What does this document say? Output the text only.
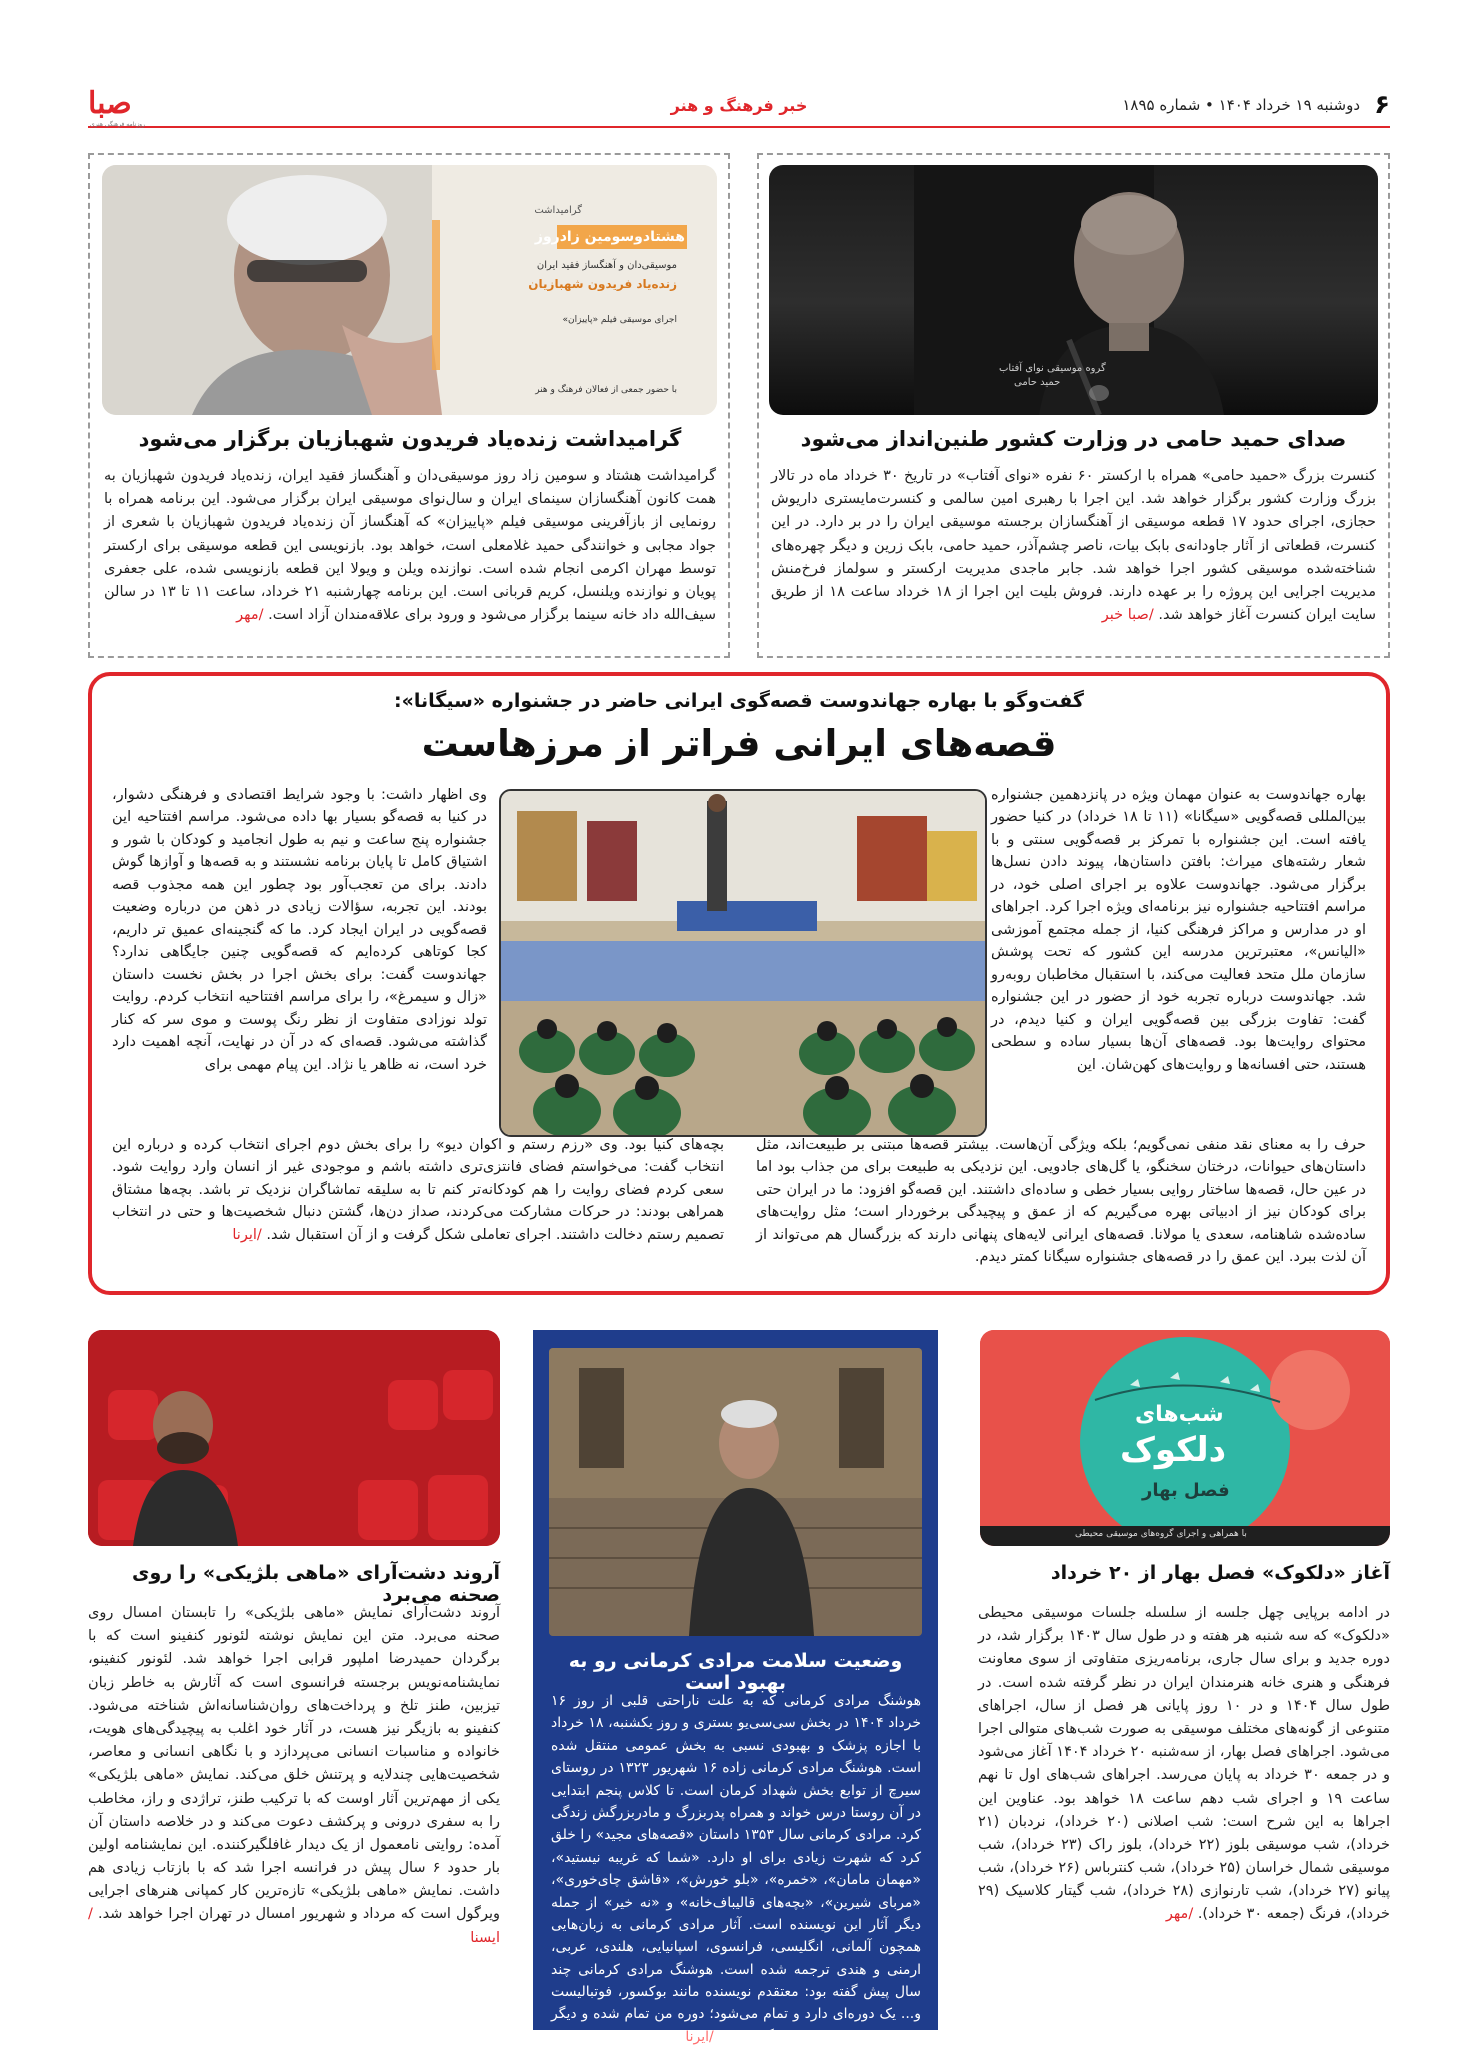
۶
دوشنبه ۱۹ خرداد ۱۴۰۴ • شماره ۱۸۹۵
خبر فرهنگ و هنر
صبا
روزنامه فرهنگی هنری
گروه موسیقی نوای آفتاب
حمید حامی
صدای حمید حامی در وزارت کشور طنین‌انداز می‌شود
کنسرت بزرگ «حمید حامی» همراه با ارکستر ۶۰ نفره «نوای آفتاب» در تاریخ ۳۰ خرداد ماه در تالار بزرگ وزارت کشور برگزار خواهد شد. این اجرا با رهبری امین سالمی و کنسرت‌مایستری داریوش حجازی، اجرای حدود ۱۷ قطعه موسیقی از آهنگسازان برجسته موسیقی ایران را در بر دارد. در این کنسرت، قطعاتی از آثار جاودانه‌ی بابک بیات، ناصر چشم‌آذر، حمید حامی، بابک زرین و دیگر چهره‌های شناخته‌شده موسیقی کشور اجرا خواهد شد. جابر ماجدی مدیریت ارکستر و سولماز فرخ‌منش مدیریت اجرایی این پروژه را بر عهده دارند. فروش بلیت این اجرا از ۱۸ خرداد ساعت ۱۸ از طریق سایت ایران کنسرت آغاز خواهد شد. /صبا خبر
گرامیداشت
هشتادوسومین زادروز
موسیقی‌دان و آهنگساز فقید ایران
زنده‌یاد فریدون شهبازیان
اجرای موسیقی فیلم «پاییزان»
با حضور جمعی از فعالان فرهنگ و هنر
گرامیداشت زنده‌یاد فریدون شهبازیان برگزار می‌شود
گرامیداشت هشتاد و سومین زاد روز موسیقی‌دان و آهنگساز فقید ایران، زنده‌یاد فریدون شهبازیان به همت کانون آهنگسازان سینمای ایران و سال‌نوای موسیقی ایران برگزار می‌شود. این برنامه همراه با رونمایی از بازآفرینی موسیقی فیلم «پاییزان» که آهنگساز آن زنده‌یاد فریدون شهبازیان با شعری از جواد مجابی و خوانندگی حمید غلامعلی است، خواهد بود. بازنویسی این قطعه موسیقی برای ارکستر توسط مهران اکرمی انجام شده است. نوازنده ویلن و ویولا این قطعه بازنویسی شده، علی جعفری پویان و نوازنده ویلنسل، کریم قربانی است. این برنامه چهارشنبه ۲۱ خرداد، ساعت ۱۱ تا ۱۳ در سالن سیف‌الله داد خانه سینما برگزار می‌شود و ورود برای علاقه‌مندان آزاد است. /مهر
گفت‌وگو با بهاره جهاندوست قصه‌گوی ایرانی حاضر در جشنواره «سیگانا»:
قصه‌های ایرانی فراتر از مرزهاست
بهاره جهاندوست به عنوان مهمان ویژه در پانزدهمین جشنواره بین‌المللی قصه‌گویی «سیگانا» (۱۱ تا ۱۸ خرداد) در کنیا حضور یافته است. این جشنواره با تمرکز بر قصه‌گویی سنتی و با شعار رشته‌های میراث: بافتن داستان‌ها، پیوند دادن نسل‌ها برگزار می‌شود. جهاندوست علاوه بر اجرای اصلی خود، در مراسم افتتاحیه جشنواره نیز برنامه‌ای ویژه اجرا کرد. اجراهای او در مدارس و مراکز فرهنگی کنیا، از جمله مجتمع آموزشی «الیانس»، معتبرترین مدرسه این کشور که تحت پوشش سازمان ملل متحد فعالیت می‌کند، با استقبال مخاطبان روبه‌رو شد. جهاندوست درباره تجربه خود از حضور در این جشنواره گفت: تفاوت بزرگی بین قصه‌گویی ایران و کنیا دیدم، در محتوای روایت‌ها بود. قصه‌های آن‌ها بسیار ساده و سطحی هستند، حتی افسانه‌ها و روایت‌های کهن‌شان. این
وی اظهار داشت: با وجود شرایط اقتصادی و فرهنگی دشوار، در کنیا به قصه‌گو بسیار بها داده می‌شود. مراسم افتتاحیه این جشنواره پنج ساعت و نیم به طول انجامید و کودکان با شور و اشتیاق کامل تا پایان برنامه نشستند و به قصه‌ها و آوازها گوش دادند. برای من تعجب‌آور بود چطور این همه مجذوب قصه بودند. این تجربه، سؤالات زیادی در ذهن من درباره وضعیت قصه‌گویی در ایران ایجاد کرد. ما که گنجینه‌ای عمیق تر داریم، کجا کوتاهی کرده‌ایم که قصه‌گویی چنین جایگاهی ندارد؟ جهاندوست گفت: برای بخش اجرا در بخش نخست داستان «زال و سیمرغ»، را برای مراسم افتتاحیه انتخاب کردم. روایت تولد نوزادی متفاوت از نظر رنگ پوست و موی سر که کنار گذاشته می‌شود. قصه‌ای که در آن در نهایت، آنچه اهمیت دارد خرد است، نه ظاهر یا نژاد. این پیام مهمی برای
حرف را به معنای نقد منفی نمی‌گویم؛ بلکه ویژگی آن‌هاست. بیشتر قصه‌ها مبتنی بر طبیعت‌اند، مثل داستان‌های حیوانات، درختان سخنگو، یا گل‌های جادویی. این نزدیکی به طبیعت برای من جذاب بود اما در عین حال، قصه‌ها ساختار روایی بسیار خطی و ساده‌ای داشتند. این قصه‌گو افزود: ما در ایران حتی برای کودکان نیز از ادبیاتی بهره می‌گیریم که از عمق و پیچیدگی برخوردار است؛ مثل روایت‌های ساده‌شده شاهنامه، سعدی یا مولانا. قصه‌های ایرانی لایه‌های پنهانی دارند که بزرگسال هم می‌تواند از آن لذت ببرد. این عمق را در قصه‌های جشنواره سیگانا کمتر دیدم.
بچه‌های کنیا بود. وی «رزم رستم و اکوان دیو» را برای بخش دوم اجرای انتخاب کرده و درباره این انتخاب گفت: می‌خواستم فضای فانتزی‌تری داشته باشم و موجودی غیر از انسان وارد روایت شود. سعی کردم فضای روایت را هم کودکانه‌تر کنم تا به سلیقه تماشاگران نزدیک تر باشد. بچه‌ها مشتاق همراهی بودند: در حرکات مشارکت می‌کردند، صداز دن‌ها، گشتن دنبال شخصیت‌ها و حتی در انتخاب تصمیم رستم دخالت داشتند. اجرای تعاملی شکل گرفت و از آن استقبال شد. /ایرنا
شب‌های
دلکوک
فصل بهار
با همراهی و اجرای گروه‌های موسیقی محیطی
آغاز «دلکوک» فصل بهار از ۲۰ خرداد
در ادامه برپایی چهل جلسه از سلسله جلسات موسیقی محیطی «دلکوک» که سه شنبه هر هفته و در طول سال ۱۴۰۳ برگزار شد، در دوره جدید و برای سال جاری، برنامه‌ریزی متفاوتی از سوی معاونت فرهنگی و هنری خانه هنرمندان ایران در نظر گرفته شده است. در طول سال ۱۴۰۴ و در ۱۰ روز پایانی هر فصل از سال، اجراهای متنوعی از گونه‌های مختلف موسیقی به صورت شب‌های متوالی اجرا می‌شود. اجراهای فصل بهار، از سه‌شنبه ۲۰ خرداد ۱۴۰۴ آغاز می‌شود و در جمعه ۳۰ خرداد به پایان می‌رسد. اجراهای شب‌های اول تا نهم ساعت ۱۹ و اجرای شب دهم ساعت ۱۸ خواهد بود. عناوین این اجراها به این شرح است: شب اصلانی (۲۰ خرداد)، نردبان (۲۱ خرداد)، شب موسیقی بلوز (۲۲ خرداد)، بلوز راک (۲۳ خرداد)، شب موسیقی شمال خراسان (۲۵ خرداد)، شب کنترباس (۲۶ خرداد)، شب پیانو (۲۷ خرداد)، شب تارنوازی (۲۸ خرداد)، شب گیتار کلاسیک (۲۹ خرداد)، فرنگ (جمعه ۳۰ خرداد). /مهر
وضعیت سلامت مرادی کرمانی رو به بهبود است
هوشنگ مرادی کرمانی که به علت ناراحتی قلبی از روز ۱۶ خرداد ۱۴۰۴ در بخش سی‌سی‌یو بستری و روز یکشنبه، ۱۸ خرداد با اجازه پزشک و بهبودی نسبی به بخش عمومی منتقل شده است. هوشنگ مرادی کرمانی زاده ۱۶ شهریور ۱۳۲۳ در روستای سیرچ از توابع بخش شهداد کرمان است. تا کلاس پنجم ابتدایی در آن روستا درس خواند و همراه پدربزرگ و مادربزرگش زندگی کرد. مرادی کرمانی سال ۱۳۵۳ داستان «قصه‌های مجید» را خلق کرد که شهرت زیادی برای او دارد. «شما که غریبه نیستید»، «مهمان مامان»، «خمره»، «بلو خورش»، «قاشق چای‌خوری»، «مربای شیرین»، «بچه‌های قالیباف‌خانه» و «نه خیر» از جمله دیگر آثار این نویسنده است. آثار مرادی کرمانی به زبان‌هایی همچون آلمانی، انگلیسی، فرانسوی، اسپانیایی، هلندی، عربی، ارمنی و هندی ترجمه شده است. هوشنگ مرادی کرمانی چند سال پیش گفته بود: معتقدم نویسنده مانند بوکسور، فوتبالیست و... یک دوره‌ای دارد و تمام می‌شود؛ دوره من تمام شده و دیگر نمی‌خواهم بنویسم، البته اگر بتوانم. /ایرنا
آروند دشت‌آرای «ماهی بلژیکی» را روی صحنه می‌برد
آروند دشت‌آرای نمایش «ماهی بلژیکی» را تابستان امسال روی صحنه می‌برد. متن این نمایش نوشته لئونور کنفینو است که با برگردان حمیدرضا املپور قرابی اجرا خواهد شد. لئونور کنفینو، نمایشنامه‌نویس برجسته فرانسوی است که آثارش به خاطر زبان تیزبین، طنز تلخ و پرداخت‌های روان‌شناسانه‌اش شناخته می‌شود. کنفینو به بازیگر نیز هست، در آثار خود اغلب به پیچیدگی‌های هویت، خانواده و مناسبات انسانی می‌پردازد و با نگاهی انسانی و معاصر، شخصیت‌هایی چندلایه و پرتنش خلق می‌کند. نمایش «ماهی بلژیکی» یکی از مهم‌ترین آثار اوست که با ترکیب طنز، تراژدی و راز، مخاطب را به سفری درونی و پرکشف دعوت می‌کند و در خلاصه داستان آن آمده: روایتی نامعمول از یک دیدار غافلگیرکننده. این نمایشنامه اولین بار حدود ۶ سال پیش در فرانسه اجرا شد که با بازتاب زیادی هم داشت. نمایش «ماهی بلژیکی» تازه‌ترین کار کمپانی هنرهای اجرایی ویرگول است که مرداد و شهریور امسال در تهران اجرا خواهد شد. /ایسنا
